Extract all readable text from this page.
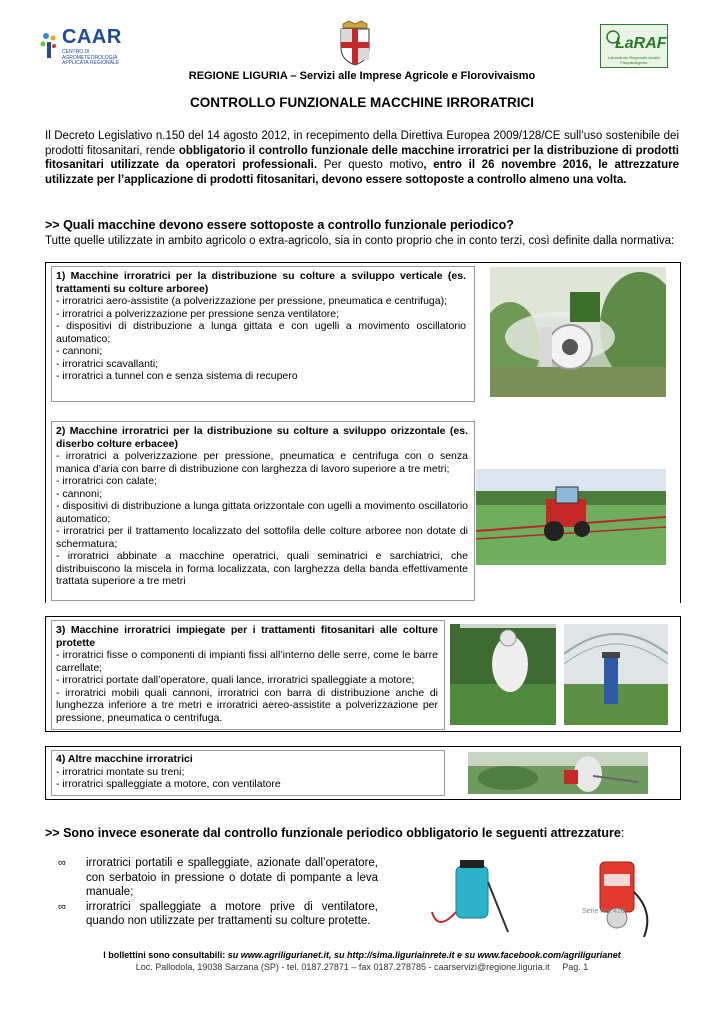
CAAR
CENTRO DI AGROMETEOROLOGIA APPLICATA REGIONALE
LaRAF
Laboratorio Regionale Analisi Fitopatologiche
REGIONE LIGURIA – Servizi alle Imprese Agricole e Florovivaismo
CONTROLLO FUNZIONALE MACCHINE IRRORATRICI
Il Decreto Legislativo n.150 del 14 agosto 2012, in recepimento della Direttiva Europea 2009/128/CE sull’uso sostenibile dei prodotti fitosanitari, rende obbligatorio il controllo funzionale delle macchine irroratrici per la distribuzione di prodotti fitosanitari utilizzate da operatori professionali. Per questo motivo, entro il 26 novembre 2016, le attrezzature utilizzate per l’applicazione di prodotti fitosanitari, devono essere sottoposte a controllo almeno una volta.
>> Quali macchine devono essere sottoposte a controllo funzionale periodico?
Tutte quelle utilizzate in ambito agricolo o extra-agricolo, sia in conto proprio che in conto terzi, così definite dalla normativa:
1) Macchine irroratrici per la distribuzione su colture a sviluppo verticale (es. trattamenti su colture arboree)
- irroratrici aero-assistite (a polverizzazione per pressione, pneumatica e centrifuga);
- irroratrici a polverizzazione per pressione senza ventilatore;
- dispositivi di distribuzione a lunga gittata e con ugelli a movimento oscillatorio automatico;
- cannoni;
- irroratrici scavallanti;
- irroratrici a tunnel con e senza sistema di recupero
2) Macchine irroratrici per la distribuzione su colture a sviluppo orizzontale (es. diserbo colture erbacee)
- irroratrici a polverizzazione per pressione, pneumatica e centrifuga con o senza manica d’aria con barre di distribuzione con larghezza di lavoro superiore a tre metri;
- irroratrici con calate;
- cannoni;
- dispositivi di distribuzione a lunga gittata orizzontale con ugelli a movimento oscillatorio automatico;
- irroratrici per il trattamento localizzato del sottofila delle colture arboree non dotate di schermatura;
- irroratrici abbinate a macchine operatrici, quali seminatrici e sarchiatrici, che distribuiscono la miscela in forma localizzata, con larghezza della banda effettivamente trattata superiore a tre metri
3) Macchine irroratrici impiegate per i trattamenti fitosanitari alle colture protette
- irroratrici fisse o componenti di impianti fissi all’interno delle serre, come le barre carrellate;
- irroratrici portate dall’operatore, quali lance, irroratrici spalleggiate a motore;
- irroratrici mobili quali cannoni, irroratrici con barra di distribuzione anche di lunghezza inferiore a tre metri e irroratrici aereo-assistite a polverizzazione per pressione, pneumatica o centrifuga.
4) Altre macchine irroratrici
- irroratrici montate su treni;
- irroratrici spalleggiate a motore, con ventilatore
>> Sono invece esonerate dal controllo funzionale periodico obbligatorio le seguenti attrezzature:
∞ irroratrici portatili e spalleggiate, azionate dall’operatore, con serbatoio in pressione o dotate di pompante a leva manuale;
∞ irroratrici spalleggiate a motore prive di ventilatore, quando non utilizzate per trattamenti su colture protette.
Serie No. 410
I bollettini sono consultabili: su www.agriligurianet.it, su http://sima.liguriainrete.it e su www.facebook.com/agriligurianet
Loc. Pallodola, 19038 Sarzana (SP) - tel. 0187.27871 – fax 0187.278785 - caarservizi@regione.liguria.it Pag. 1
